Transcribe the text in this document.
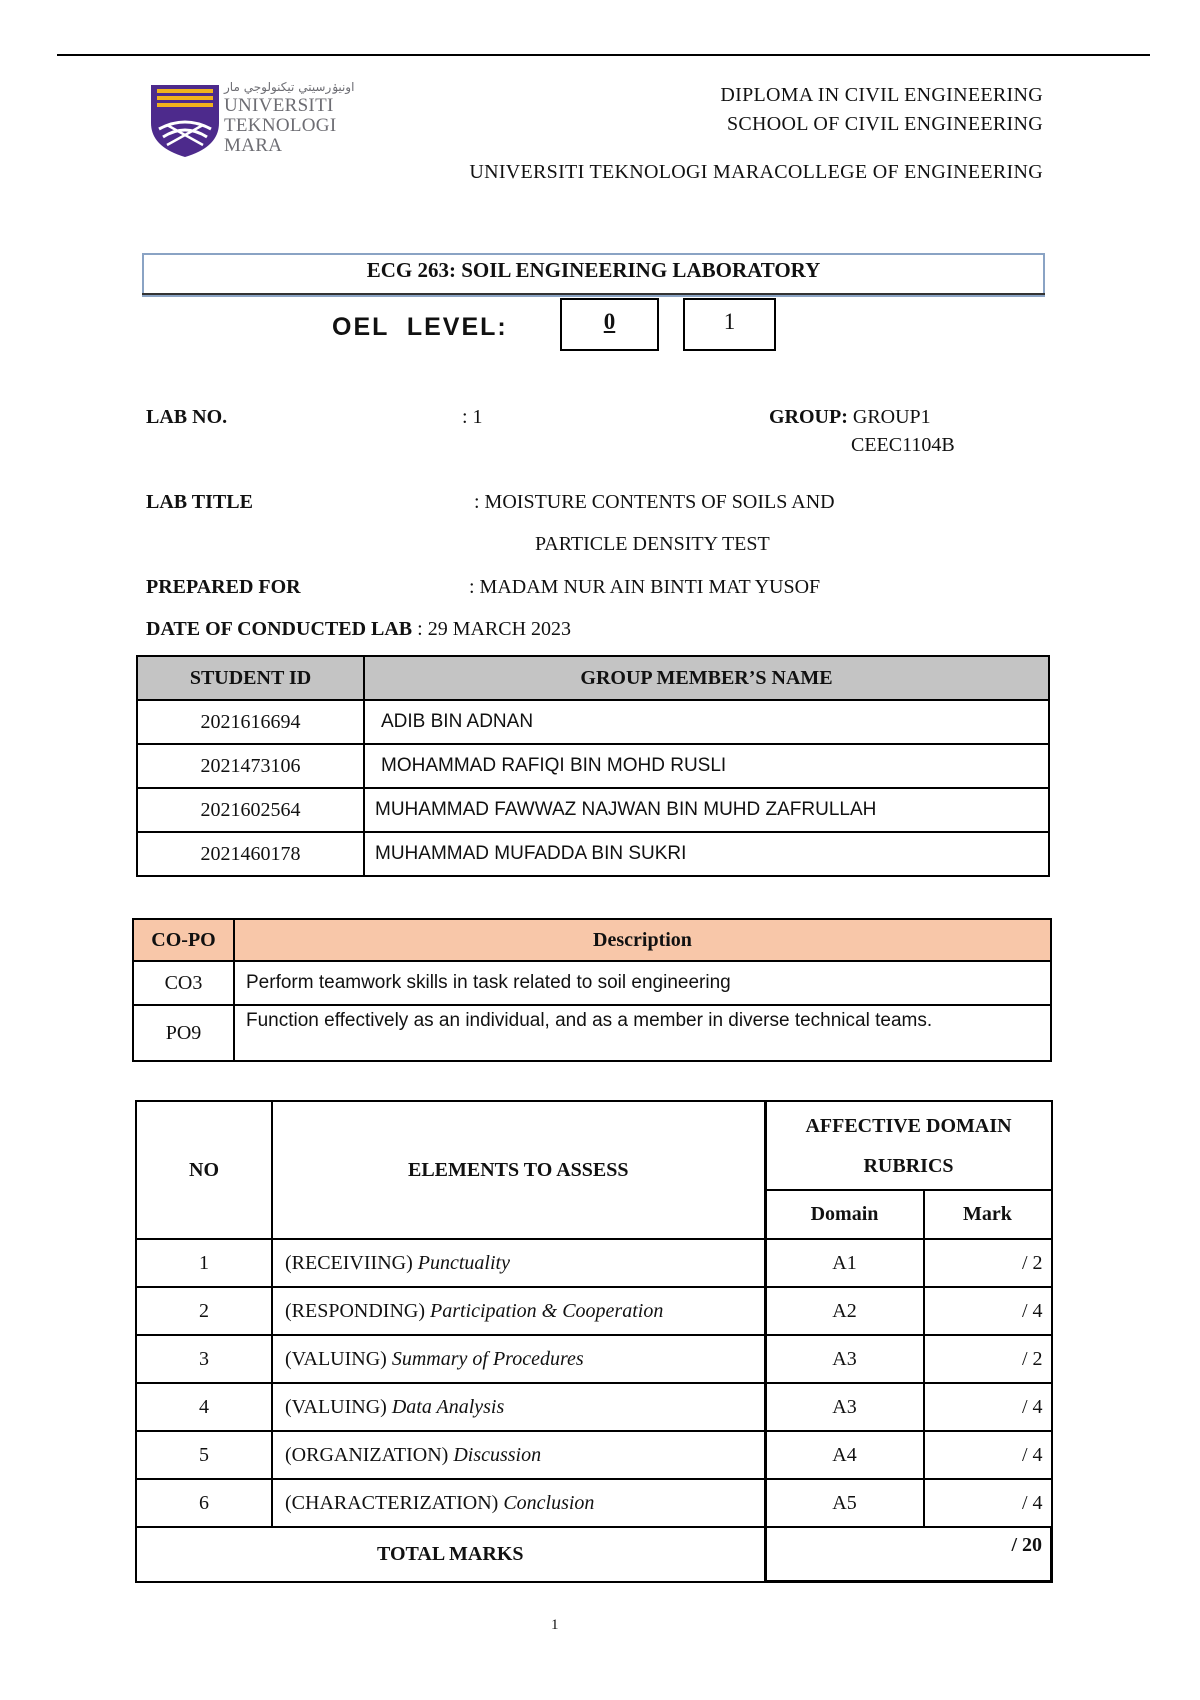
اونيۏرسيتي تيكنولوجي مار
UNIVERSITI
TEKNOLOGI
MARA
DIPLOMA IN CIVIL ENGINEERING
SCHOOL OF CIVIL ENGINEERING
UNIVERSITI TEKNOLOGI MARACOLLEGE OF ENGINEERING
ECG 263: SOIL ENGINEERING LABORATORY
OEL  LEVEL:	0	1
LAB NO.	: 1	GROUP: GROUP1
CEEC1104B
LAB TITLE	: MOISTURE CONTENTS OF SOILS AND
PARTICLE DENSITY TEST
PREPARED FOR	: MADAM NUR AIN BINTI MAT YUSOF
DATE OF CONDUCTED LAB : 29 MARCH 2023
STUDENT ID	GROUP MEMBER’S NAME
2021616694	ADIB BIN ADNAN
2021473106	MOHAMMAD RAFIQI BIN MOHD RUSLI
2021602564	MUHAMMAD FAWWAZ NAJWAN BIN MUHD ZAFRULLAH
2021460178	MUHAMMAD MUFADDA BIN SUKRI
CO-PO	Description
CO3	Perform teamwork skills in task related to soil engineering
PO9	Function effectively as an individual, and as a member in diverse technical teams.
NO	ELEMENTS TO ASSESS	AFFECTIVE DOMAIN RUBRICS	
		Domain	Mark
1	(RECEIVIING) Punctuality	A1	/ 2
2	(RESPONDING) Participation & Cooperation	A2	/ 4
3	(VALUING) Summary of Procedures	A3	/ 2
4	(VALUING) Data Analysis	A3	/ 4
5	(ORGANIZATION) Discussion	A4	/ 4
6	(CHARACTERIZATION) Conclusion	A5	/ 4
TOTAL MARKS		/ 20	
1
